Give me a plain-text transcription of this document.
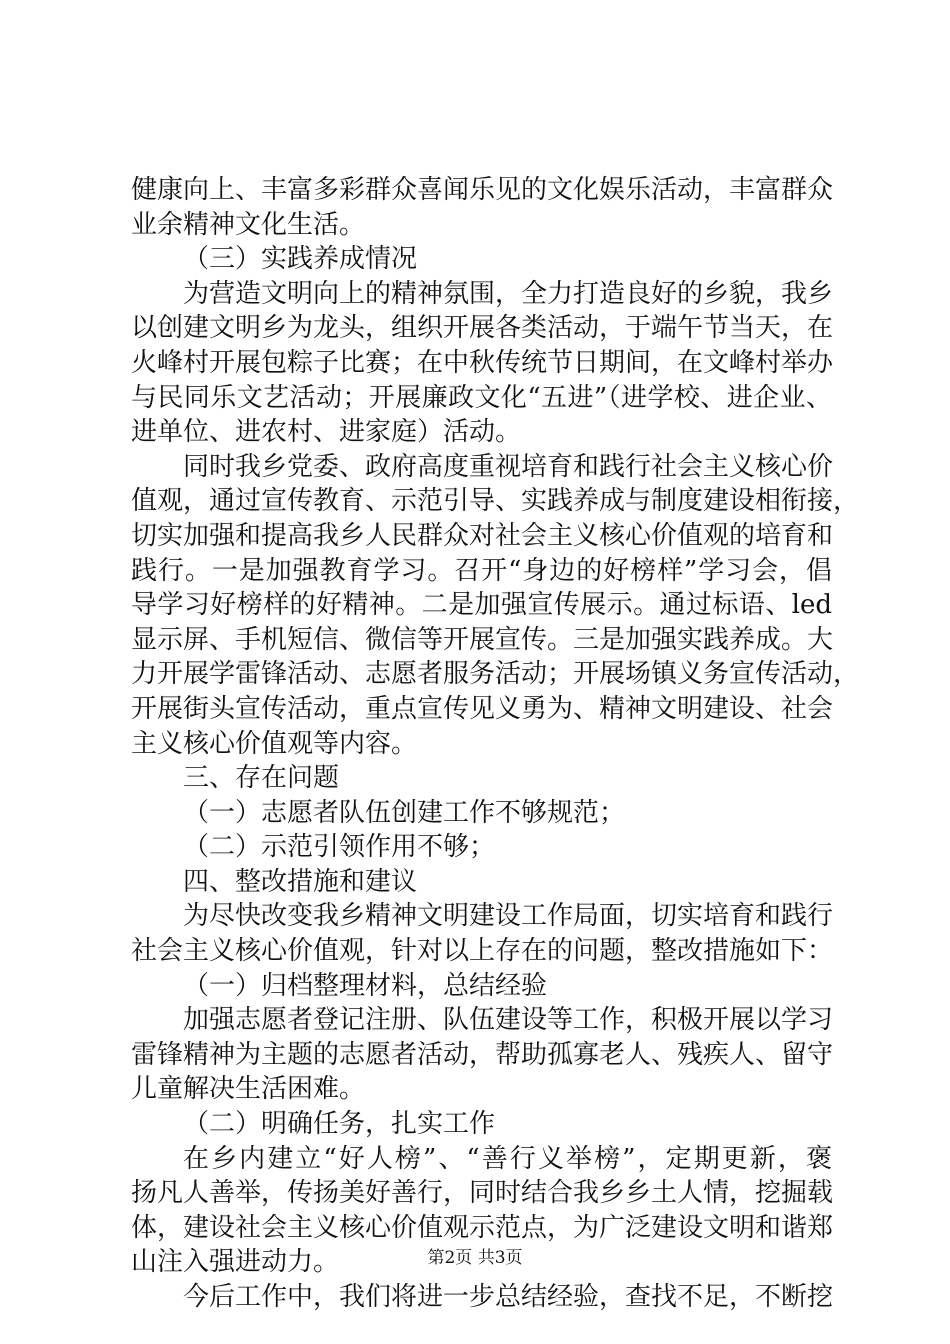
健康向上、丰富多彩群众喜闻乐见的文化娱乐活动，丰富群众
业余精神文化生活。
（三）实践养成情况
为营造文明向上的精神氛围，全力打造良好的乡貌，我乡
以创建文明乡为龙头，组织开展各类活动，于端午节当天，在
火峰村开展包粽子比赛；在中秋传统节日期间，在文峰村举办
与民同乐文艺活动；开展廉政文化“五进”（进学校、进企业、
进单位、进农村、进家庭）活动。
同时我乡党委、政府高度重视培育和践行社会主义核心价
值观，通过宣传教育、示范引导、实践养成与制度建设相衔接，
切实加强和提高我乡人民群众对社会主义核心价值观的培育和
践行。一是加强教育学习。召开“身边的好榜样”学习会，倡
导学习好榜样的好精神。二是加强宣传展示。通过标语、led
显示屏、手机短信、微信等开展宣传。三是加强实践养成。大
力开展学雷锋活动、志愿者服务活动；开展场镇义务宣传活动，
开展街头宣传活动，重点宣传见义勇为、精神文明建设、社会
主义核心价值观等内容。
三、存在问题
（一）志愿者队伍创建工作不够规范；
（二）示范引领作用不够；
四、整改措施和建议
为尽快改变我乡精神文明建设工作局面，切实培育和践行
社会主义核心价值观，针对以上存在的问题，整改措施如下：
（一）归档整理材料，总结经验
加强志愿者登记注册、队伍建设等工作，积极开展以学习
雷锋精神为主题的志愿者活动，帮助孤寡老人、残疾人、留守
儿童解决生活困难。
（二）明确任务，扎实工作
在乡内建立“好人榜”、“善行义举榜”，定期更新，褒
扬凡人善举，传扬美好善行，同时结合我乡乡土人情，挖掘载
体，建设社会主义核心价值观示范点，为广泛建设文明和谐郑
山注入强进动力。
今后工作中，我们将进一步总结经验，查找不足，不断挖
第2页 共3页
